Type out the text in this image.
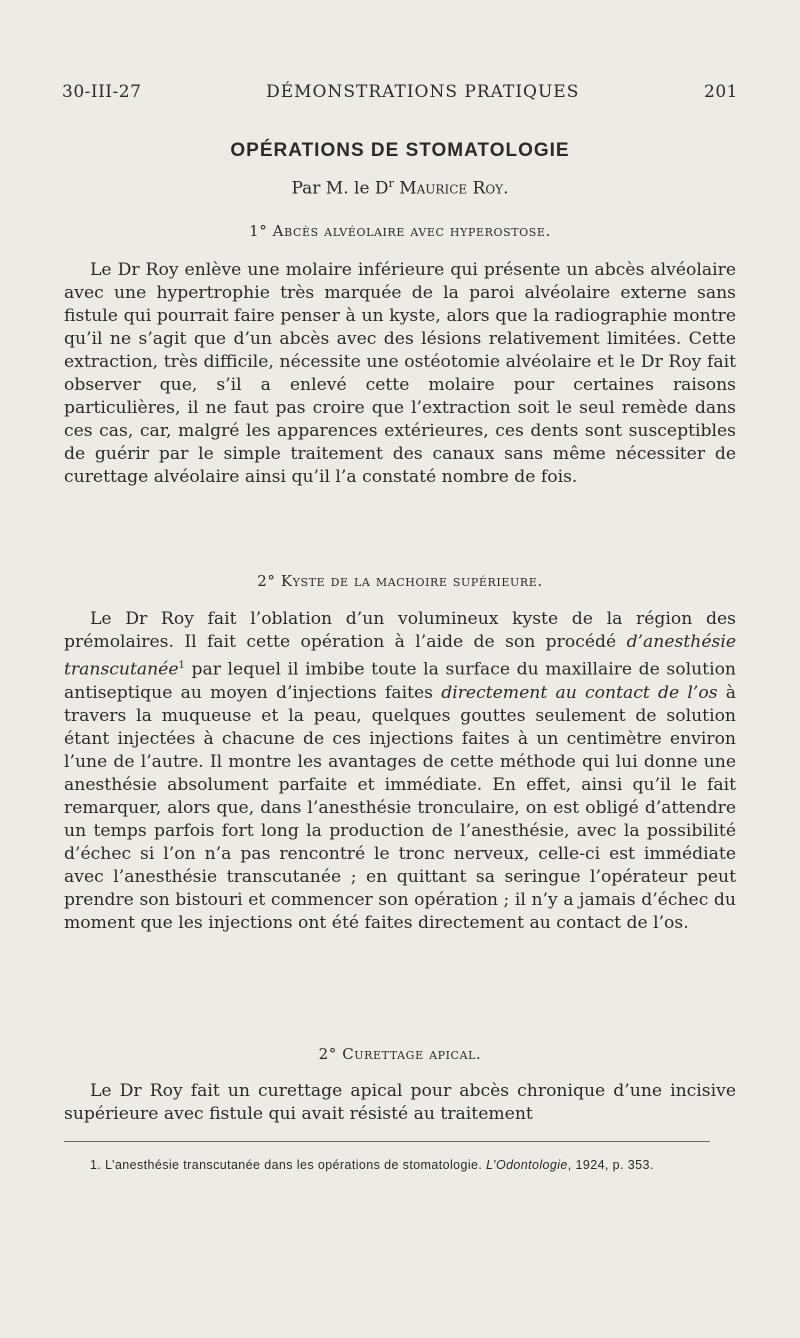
30-III-27	DÉMONSTRATIONS PRATIQUES	201
OPÉRATIONS DE STOMATOLOGIE
Par M. le $D^r$ Maurice Roy.
1° Abcès alvéolaire avec hyperostose.
Le Dr Roy enlève une molaire inférieure qui présente un abcès alvéolaire avec une hypertrophie très marquée de la paroi alvéolaire externe sans fistule qui pourrait faire penser à un kyste, alors que la radiographie montre qu’il ne s’agit que d’un abcès avec des lésions relativement limitées. Cette extraction, très difficile, nécessite une ostéotomie alvéolaire et le Dr Roy fait observer que, s’il a enlevé cette molaire pour certaines raisons particulières, il ne faut pas croire que l’extraction soit le seul remède dans ces cas, car, malgré les apparences extérieures, ces dents sont susceptibles de guérir par le simple traitement des canaux sans même nécessiter de curettage alvéolaire ainsi qu’il l’a constaté nombre de fois.
2° Kyste de la machoire supérieure.
Le Dr Roy fait l’oblation d’un volumineux kyste de la région des prémolaires. Il fait cette opération à l’aide de son procédé d’anesthésie transcutanée$^1$ par lequel il imbibe toute la surface du maxillaire de solution antiseptique au moyen d’injections faites directement au contact de l’os à travers la muqueuse et la peau, quelques gouttes seulement de solution étant injectées à chacune de ces injections faites à un centimètre environ l’une de l’autre. Il montre les avantages de cette méthode qui lui donne une anesthésie absolument parfaite et immédiate. En effet, ainsi qu’il le fait remarquer, alors que, dans l’anesthésie tronculaire, on est obligé d’attendre un temps parfois fort long la production de l’anesthésie, avec la possibilité d’échec si l’on n’a pas rencontré le tronc nerveux, celle-ci est immédiate avec l’anesthésie transcutanée ; en quittant sa seringue l’opérateur peut prendre son bistouri et commencer son opération ; il n’y a jamais d’échec du moment que les injections ont été faites directement au contact de l’os.
2° Curettage apical.
Le Dr Roy fait un curettage apical pour abcès chronique d’une incisive supérieure avec fistule qui avait résisté au traitement
1. L’anesthésie transcutanée dans les opérations de stomatologie. L’Odontologie, 1924, p. 353.
